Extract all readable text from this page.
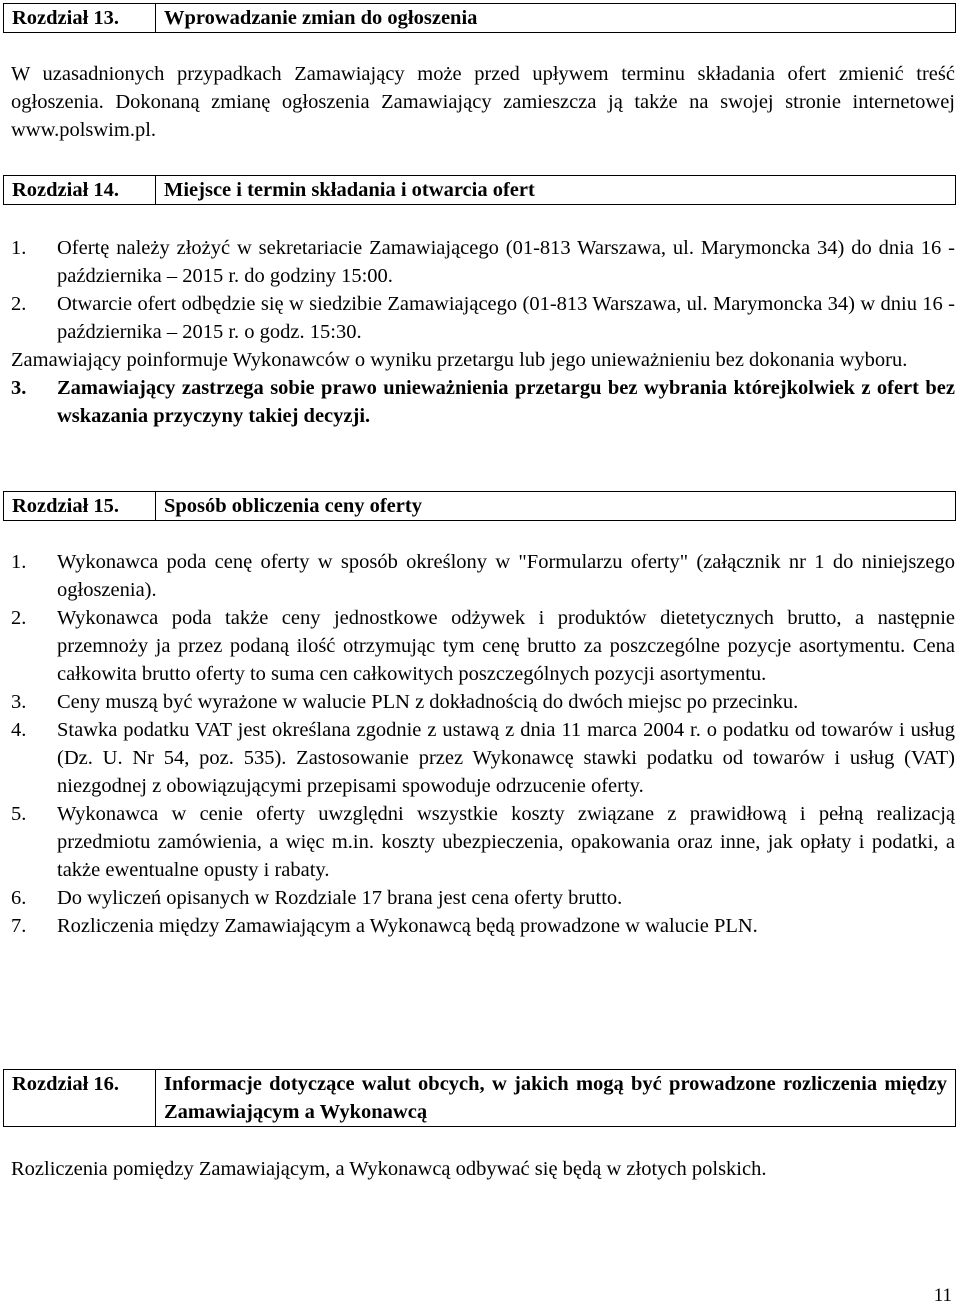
Rozdział 13.	Wprowadzanie zmian do ogłoszenia
W uzasadnionych przypadkach Zamawiający może przed upływem terminu składania ofert zmienić treść ogłoszenia. Dokonaną zmianę ogłoszenia Zamawiający zamieszcza ją także na swojej stronie internetowej www.polswim.pl.
Rozdział 14.	Miejsce i termin składania i otwarcia ofert
1.	Ofertę należy złożyć w sekretariacie Zamawiającego (01-813 Warszawa, ul. Marymoncka 34) do dnia 16 - października – 2015 r. do godziny 15:00.
2.	Otwarcie ofert odbędzie się w siedzibie Zamawiającego (01-813 Warszawa, ul. Marymoncka 34) w dniu 16 - października – 2015 r. o godz. 15:30.
Zamawiający poinformuje Wykonawców o wyniku przetargu lub jego unieważnieniu bez dokonania wyboru.
3.	Zamawiający zastrzega sobie prawo unieważnienia przetargu bez wybrania którejkolwiek z ofert bez wskazania przyczyny takiej decyzji.
Rozdział 15.	Sposób obliczenia ceny oferty
1.	Wykonawca poda cenę oferty w sposób określony w "Formularzu oferty" (załącznik nr 1 do niniejszego ogłoszenia).
2.	Wykonawca poda także ceny jednostkowe odżywek i produktów dietetycznych brutto, a następnie przemnoży ja przez podaną ilość otrzymując tym cenę brutto za poszczególne pozycje asortymentu. Cena całkowita brutto oferty to suma cen całkowitych poszczególnych pozycji asortymentu.
3.	Ceny muszą być wyrażone w walucie PLN z dokładnością do dwóch miejsc po przecinku.
4.	Stawka podatku VAT jest określana zgodnie z ustawą z dnia 11 marca 2004 r. o podatku od towarów i usług (Dz. U. Nr 54, poz. 535). Zastosowanie przez Wykonawcę stawki podatku od towarów i usług (VAT) niezgodnej z obowiązującymi przepisami spowoduje odrzucenie oferty.
5.	Wykonawca w cenie oferty uwzględni wszystkie koszty związane z prawidłową i pełną realizacją przedmiotu zamówienia, a więc m.in. koszty ubezpieczenia, opakowania oraz inne, jak opłaty i podatki, a także ewentualne opusty i rabaty.
6.	Do wyliczeń opisanych w Rozdziale 17 brana jest cena oferty brutto.
7.	Rozliczenia między Zamawiającym a Wykonawcą będą prowadzone w walucie PLN.
Rozdział 16.	Informacje dotyczące walut obcych, w jakich mogą być prowadzone rozliczenia między Zamawiającym a Wykonawcą
Rozliczenia pomiędzy Zamawiającym, a Wykonawcą odbywać się będą w złotych polskich.
11
